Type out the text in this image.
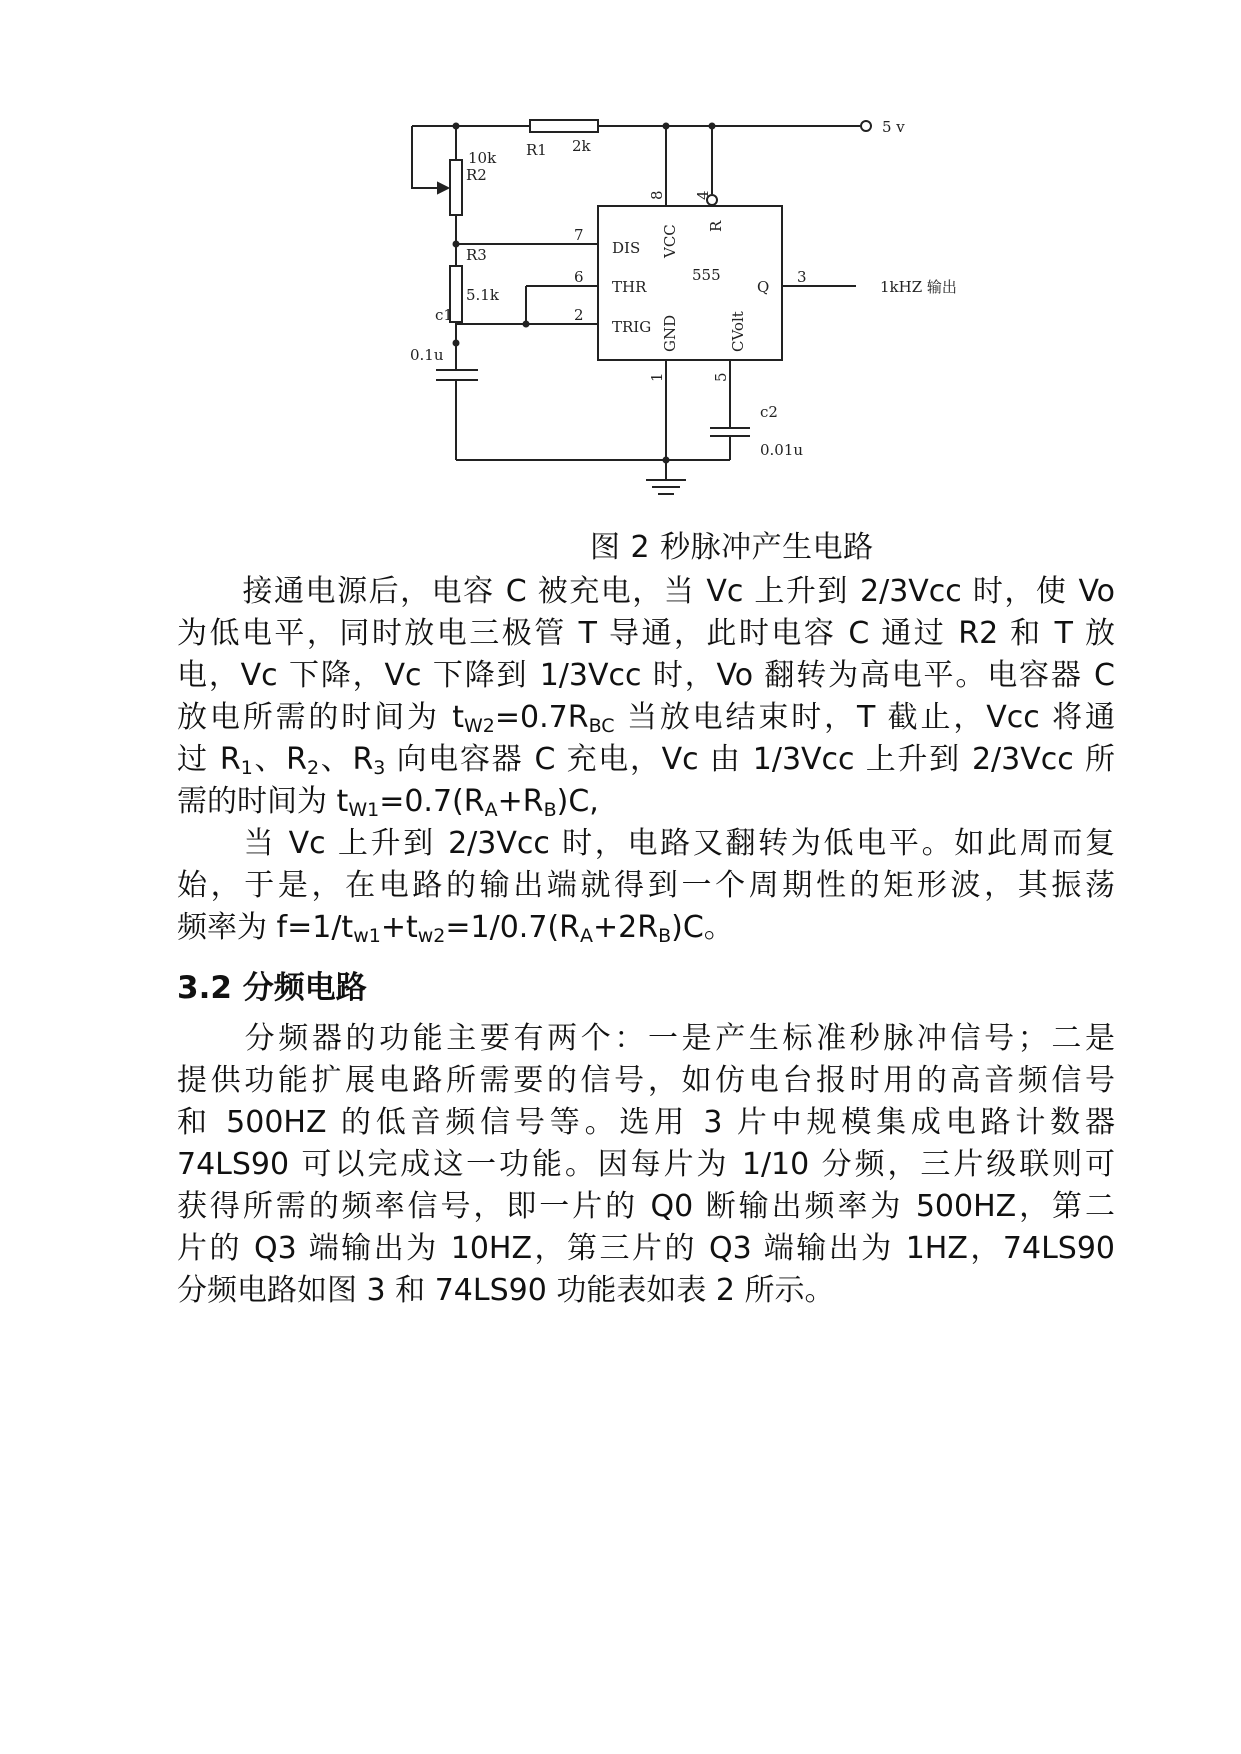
5 v
R1 2k
10k
R2
R3
5.1k
c1
0.1u
c2
0.01u
1kHZ 输出
555
DIS
THR
TRIG
Q
VCC R
GND	CVolt
8 4
7
6
2
3
1	5
图 2 秒脉冲产生电路
接通电源后，电容 C 被充电，当 Vc 上升到 2/3Vcc 时，使 Vo
为低电平，同时放电三极管 T 导通，此时电容 C 通过 R2 和 T 放
电，Vc 下降，Vc 下降到 1/3Vcc 时，Vo 翻转为高电平。电容器 C
放电所需的时间为 $t_{W2}=0.7R_{BC}$ 当放电结束时，T 截止，Vcc 将通
过 $R_1$、$R_2$、$R_3$ 向电容器 C 充电，Vc 由 1/3Vcc 上升到 2/3Vcc 所
需的时间为 $t_{W1}=0.7(R_A+R_B)C$,
当 Vc 上升到 2/3Vcc 时，电路又翻转为低电平。如此周而复
始，于是，在电路的输出端就得到一个周期性的矩形波，其振荡
频率为 $f=1/t_{w1}+t_{w2}=1/0.7(R_A+2R_B)C$。
3.2 分频电路
分频器的功能主要有两个：一是产生标准秒脉冲信号；二是
提供功能扩展电路所需要的信号，如仿电台报时用的高音频信号
和 500HZ 的低音频信号等。选用 3 片中规模集成电路计数器
74LS90 可以完成这一功能。因每片为 1/10 分频，三片级联则可
获得所需的频率信号，即一片的 Q0 断输出频率为 500HZ，第二
片的 Q3 端输出为 10HZ，第三片的 Q3 端输出为 1HZ，74LS90
分频电路如图 3 和 74LS90 功能表如表 2 所示。
